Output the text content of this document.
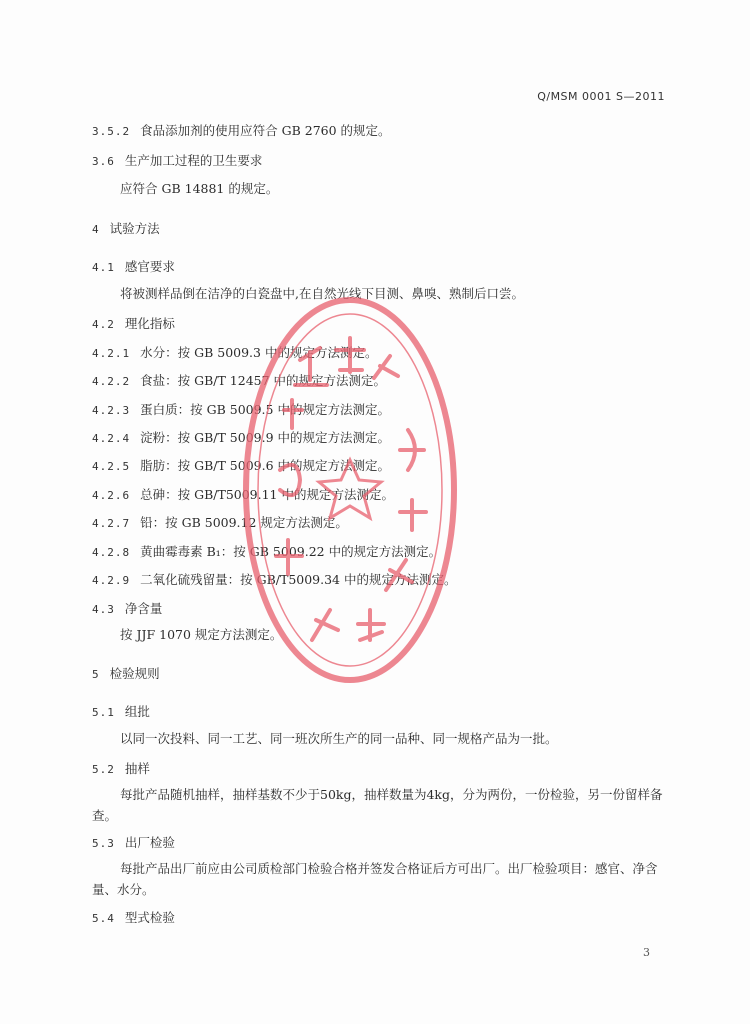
Q/MSM 0001 S—2011
3.5.2 食品添加剂的使用应符合 GB 2760 的规定。
3.6 生产加工过程的卫生要求
应符合 GB 14881 的规定。
4 试验方法
4.1 感官要求
将被测样品倒在洁净的白瓷盘中,在自然光线下目测、鼻嗅、熟制后口尝。
4.2 理化指标
4.2.1 水分：按 GB 5009.3 中的规定方法测定。
4.2.2 食盐：按 GB/T 12457 中的规定方法测定。
4.2.3 蛋白质：按 GB 5009.5 中的规定方法测定。
4.2.4 淀粉：按 GB/T 5009.9 中的规定方法测定。
4.2.5 脂肪：按 GB/T 5009.6 中的规定方法测定。
4.2.6 总砷：按 GB/T5009.11 中的规定方法测定。
4.2.7 铅：按 GB 5009.12 规定方法测定。
4.2.8 黄曲霉毒素 B₁：按 GB 5009.22 中的规定方法测定。
4.2.9 二氧化硫残留量：按 GB/T5009.34 中的规定方法测定。
4.3 净含量
按 JJF 1070 规定方法测定。
5 检验规则
5.1 组批
以同一次投料、同一工艺、同一班次所生产的同一品种、同一规格产品为一批。
5.2 抽样
每批产品随机抽样，抽样基数不少于50kg，抽样数量为4kg，分为两份，一份检验，另一份留样备查。
5.3 出厂检验
每批产品出厂前应由公司质检部门检验合格并签发合格证后方可出厂。出厂检验项目：感官、净含量、水分。
5.4 型式检验
3
